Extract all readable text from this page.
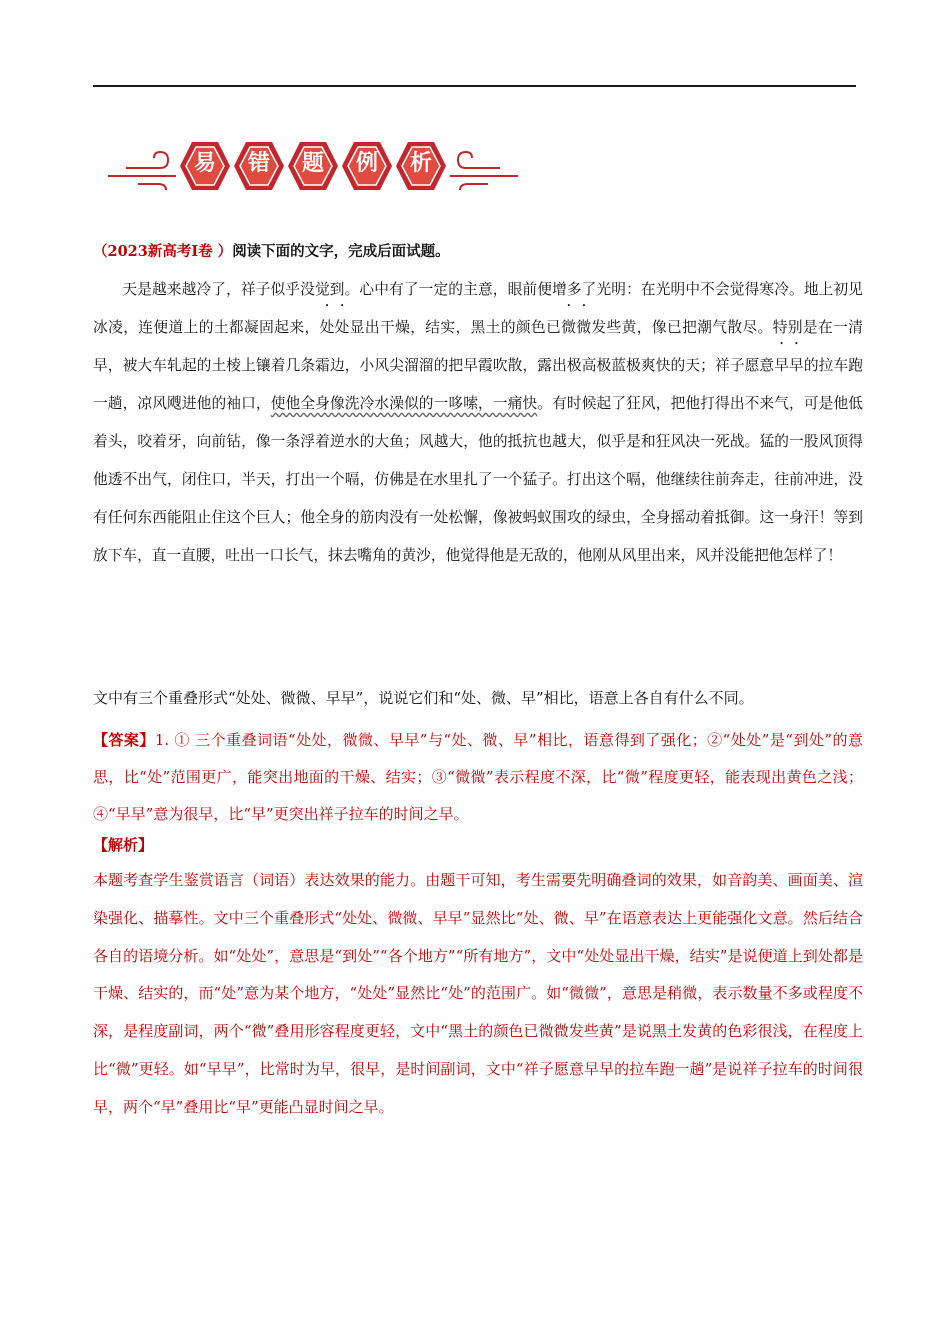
易	错	题	例	析
（2023新高考Ⅰ卷 ）阅读下面的文字，完成后面试题。

天是越来越冷了，祥子似乎没觉到。心中有了一定的主意，眼前便增多了光明：在光明中不会觉得寒冷。地上初见冰凌，连便道上的土都凝固起来，处处显出干燥，结实，黑土的颜色已微微发些黄，像已把潮气散尽。特别是在一清早，被大车轧起的土棱上镶着几条霜边，小风尖溜溜的把早霞吹散，露出极高极蓝极爽快的天；祥子愿意早早的拉车跑一趟，凉风飕进他的袖口，使他全身像洗冷水澡似的一哆嗦，一痛快。有时候起了狂风，把他打得出不来气，可是他低着头，咬着牙，向前钻，像一条浮着逆水的大鱼；风越大，他的抵抗也越大，似乎是和狂风决一死战。猛的一股风顶得他透不出气，闭住口，半天，打出一个嗝，仿佛是在水里扎了一个猛子。打出这个嗝，他继续往前奔走，往前冲进，没有任何东西能阻止住这个巨人；他全身的筋肉没有一处松懈，像被蚂蚁围攻的绿虫，全身摇动着抵御。这一身汗！等到放下车，直一直腰，吐出一口长气，抹去嘴角的黄沙，他觉得他是无敌的，他刚从风里出来，风并没能把他怎样了！

文中有三个重叠形式“处处、微微、早早”，说说它们和“处、微、早”相比，语意上各自有什么不同。

【答案】1. ① 三个重叠词语“处处，微微、早早”与“处、微、早”相比，语意得到了强化；②“处处”是“到处”的意思，比“处”范围更广，能突出地面的干燥、结实；③“微微”表示程度不深，比“微”程度更轻，能表现出黄色之浅；④“早早”意为很早，比“早”更突出祥子拉车的时间之早。

【解析】

本题考查学生鉴赏语言（词语）表达效果的能力。由题干可知，考生需要先明确叠词的效果，如音韵美、画面美、渲染强化、描摹性。文中三个重叠形式“处处、微微、早早”显然比“处、微、早”在语意表达上更能强化文意。然后结合各自的语境分析。如“处处”，意思是“到处”“各个地方”“所有地方”，文中“处处显出干燥，结实”是说便道上到处都是干燥、结实的，而“处”意为某个地方，“处处”显然比“处”的范围广。如“微微”，意思是稍微，表示数量不多或程度不深，是程度副词，两个“微”叠用形容程度更轻，文中“黑土的颜色已微微发些黄”是说黑土发黄的色彩很浅，在程度上比“微”更轻。如“早早”，比常时为早，很早，是时间副词，文中“祥子愿意早早的拉车跑一趟”是说祥子拉车的时间很早，两个“早”叠用比“早”更能凸显时间之早。
